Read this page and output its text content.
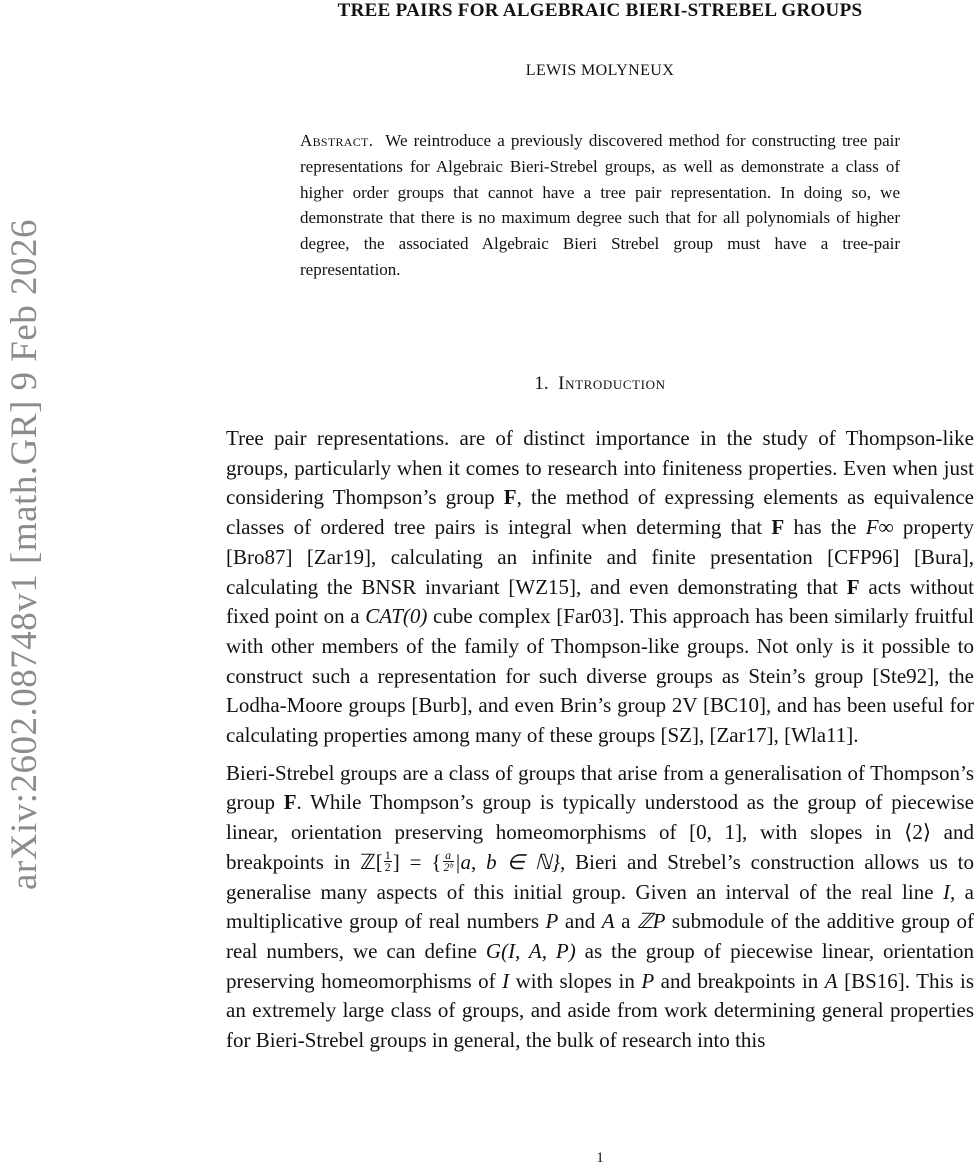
arXiv:2602.08748v1 [math.GR] 9 Feb 2026
TREE PAIRS FOR ALGEBRAIC BIERI-STREBEL GROUPS
LEWIS MOLYNEUX
Abstract. We reintroduce a previously discovered method for constructing tree pair representations for Algebraic Bieri-Strebel groups, as well as demonstrate a class of higher order groups that cannot have a tree pair representation. In doing so, we demonstrate that there is no maximum degree such that for all polynomials of higher degree, the associated Algebraic Bieri Strebel group must have a tree-pair representation.
1. Introduction

Tree pair representations. are of distinct importance in the study of Thompson-like groups, particularly when it comes to research into finiteness properties. Even when just considering Thompson’s group F, the method of expressing elements as equivalence classes of ordered tree pairs is integral when determing that F has the F∞ property [Bro87] [Zar19], calculating an infinite and finite presentation [CFP96] [Bura], calculating the BNSR invariant [WZ15], and even demonstrating that F acts without fixed point on a CAT(0) cube complex [Far03]. This approach has been similarly fruitful with other members of the family of Thompson-like groups. Not only is it possible to construct such a representation for such diverse groups as Stein’s group [Ste92], the Lodha-Moore groups [Burb], and even Brin’s group 2V [BC10], and has been useful for calculating properties among many of these groups [SZ], [Zar17], [Wla11].

Bieri-Strebel groups are a class of groups that arise from a generalisation of Thompson’s group F. While Thompson’s group is typically understood as the group of piecewise linear, orientation preserving homeomorphisms of [0, 1], with slopes in ⟨2⟩ and breakpoints in ℤ[ $\frac{1}{2}$ ] = { $\frac{a}{\text{2ᵇ}} |a$, b ∈ ℕ}, Bieri and Strebel’s construction allows us to generalise many aspects of this initial group. Given an interval of the real line I, a multiplicative group of real numbers P and A a ℤP submodule of the additive group of real numbers, we can define G(I, A, P) as the group of piecewise linear, orientation preserving homeomorphisms of I with slopes in P and breakpoints in A [BS16]. This is an extremely large class of groups, and aside from work determining general properties for Bieri-Strebel groups in general, the bulk of research into this

1
